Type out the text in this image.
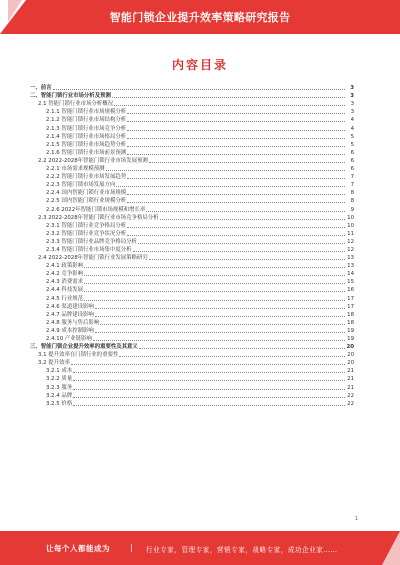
智能门锁企业提升效率策略研究报告
内容目录
一、前言	3
二、智能门锁行业市场分析及预测	3
2.1 智能门锁行业市场分析概况	3
2.1.1 智能门锁行业市场规模分析	3
2.1.2 智能门锁行业市场结构分析	4
2.1.3 智能门锁行业市场竞争分析	4
2.1.4 智能门锁行业市场格局分析	5
2.1.5 智能门锁行业市场趋势分析	5
2.1.6 智能门锁行业市场前景预测	6
2.2 2022-2028年智能门锁行业市场发展预测	6
2.2.1 市场需求规模预测	6
2.2.2 智能门锁行业市场发展趋势	7
2.2.3 智能门锁市场发展方向	7
2.2.4 国内智能门锁行业市场规模	8
2.2.5 国内智能门锁行业规模分析	8
2.2.6 2022年智能门锁市场规模和增长率	9
2.3 2022-2028年智能门锁行业市场竞争格局分析	10
2.3.1 智能门锁行业竞争格局分析	10
2.3.2 智能门锁行业竞争状况分析	11
2.3.3 智能门锁行业品牌竞争格局分析	12
2.3.4 智能门锁行业市场集中度分析	12
2.4 2022-2028年智能门锁行业发展策略研究	13
2.4.1 政策影响	13
2.4.2 竞争影响	14
2.4.3 消费需求	15
2.4.4 科技发展	16
2.4.5 行业规范	17
2.4.6 渠道建设影响	17
2.4.7 品牌建设影响	18
2.4.8 服务与售后影响	18
2.4.9 成本控制影响	19
2.4.10 产业链影响	19
三、智能门锁企业提升效率的重要性及其意义	20
3.1 提升效率在门锁行业的重要性	20
3.2 提升效率	20
3.2.1 成本	21
3.2.2 质量	21
3.2.3 服务	21
3.2.4 品牌	22
3.2.5 价格	22
1
让每个人都能成为	| 行业专家，管理专家，营销专家，战略专家，成功企业家……
